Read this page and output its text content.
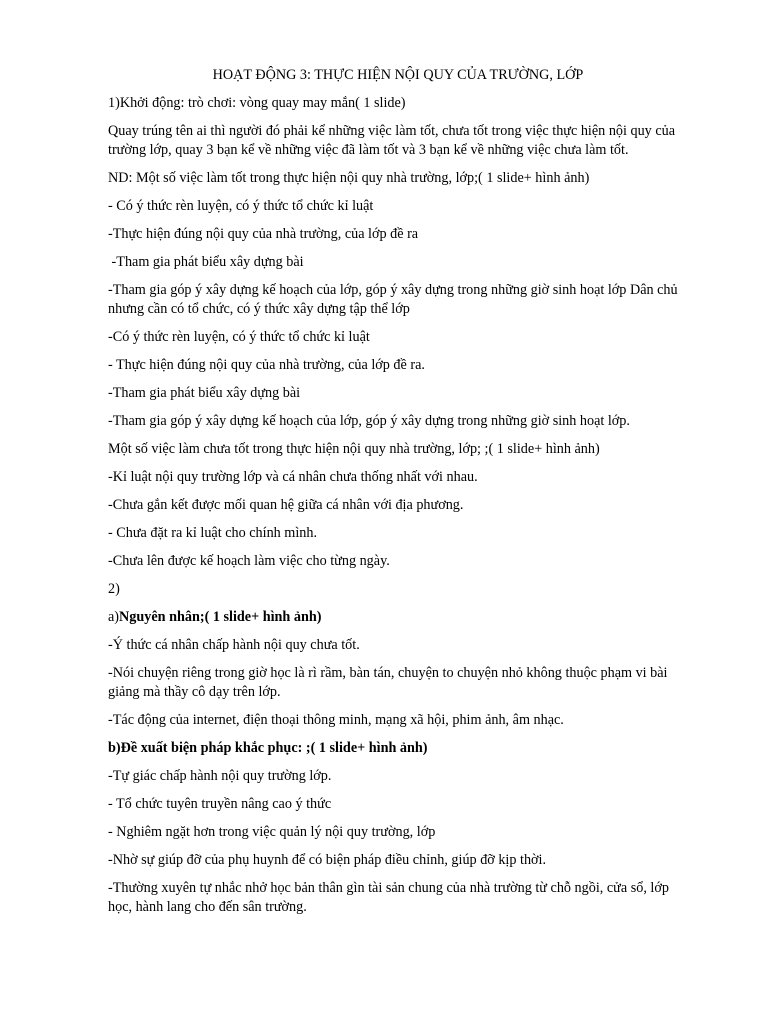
HOẠT ĐỘNG 3: THỰC HIỆN NỘI QUY CỦA TRƯỜNG, LỚP
1)Khởi động: trò chơi: vòng quay may mắn( 1 slide)
Quay trúng tên ai thì người đó phải kể những việc làm tốt, chưa tốt trong việc thực hiện nội quy của trường lớp, quay 3 bạn kể về những việc đã làm tốt và 3 bạn kể về những việc chưa làm tốt.
ND: Một số việc làm tốt trong thực hiện nội quy nhà trường, lớp;( 1 slide+ hình ảnh)
- Có ý thức rèn luyện, có ý thức tổ chức kỉ luật
-Thực hiện đúng nội quy của nhà trường, của lớp đề ra
-Tham gia phát biểu xây dựng bài
-Tham gia góp ý xây dựng kế hoạch của lớp, góp ý xây dựng trong những giờ sinh hoạt lớp Dân chủ nhưng cần có tổ chức, có ý thức xây dựng tập thể lớp
-Có ý thức rèn luyện, có ý thức tổ chức kỉ luật
- Thực hiện đúng nội quy của nhà trường, của lớp đề ra.
-Tham gia phát biểu xây dựng bài
-Tham gia góp ý xây dựng kế hoạch của lớp, góp ý xây dựng trong những giờ sinh hoạt lớp.
Một số việc làm chưa tốt trong thực hiện nội quy nhà trường, lớp; ;( 1 slide+ hình ảnh)
-Kỉ luật nội quy trường lớp và cá nhân chưa thống nhất với nhau.
-Chưa gắn kết được mối quan hệ giữa cá nhân với địa phương.
- Chưa đặt ra kỉ luật cho chính mình.
-Chưa lên được kế hoạch làm việc cho từng ngày.
2)
a)Nguyên nhân;( 1 slide+ hình ảnh)
-Ý thức cá nhân chấp hành nội quy chưa tốt.
-Nói chuyện riêng trong giờ học là rì rầm, bàn tán, chuyện to chuyện nhỏ không thuộc phạm vi bài giảng mà thầy cô dạy trên lớp.
-Tác động của internet, điện thoại thông minh, mạng xã hội, phim ảnh, âm nhạc.
b)Đề xuất biện pháp khắc phục: ;( 1 slide+ hình ảnh)
-Tự giác chấp hành nội quy trường lớp.
- Tổ chức tuyên truyền nâng cao ý thức
- Nghiêm ngặt hơn trong việc quản lý nội quy trường, lớp
-Nhờ sự giúp đỡ của phụ huynh để có biện pháp điều chỉnh, giúp đỡ kịp thời.
-Thường xuyên tự nhắc nhở học bản thân gìn tài sản chung của nhà trường từ chỗ ngồi, cửa sổ, lớp học, hành lang cho đến sân trường.
